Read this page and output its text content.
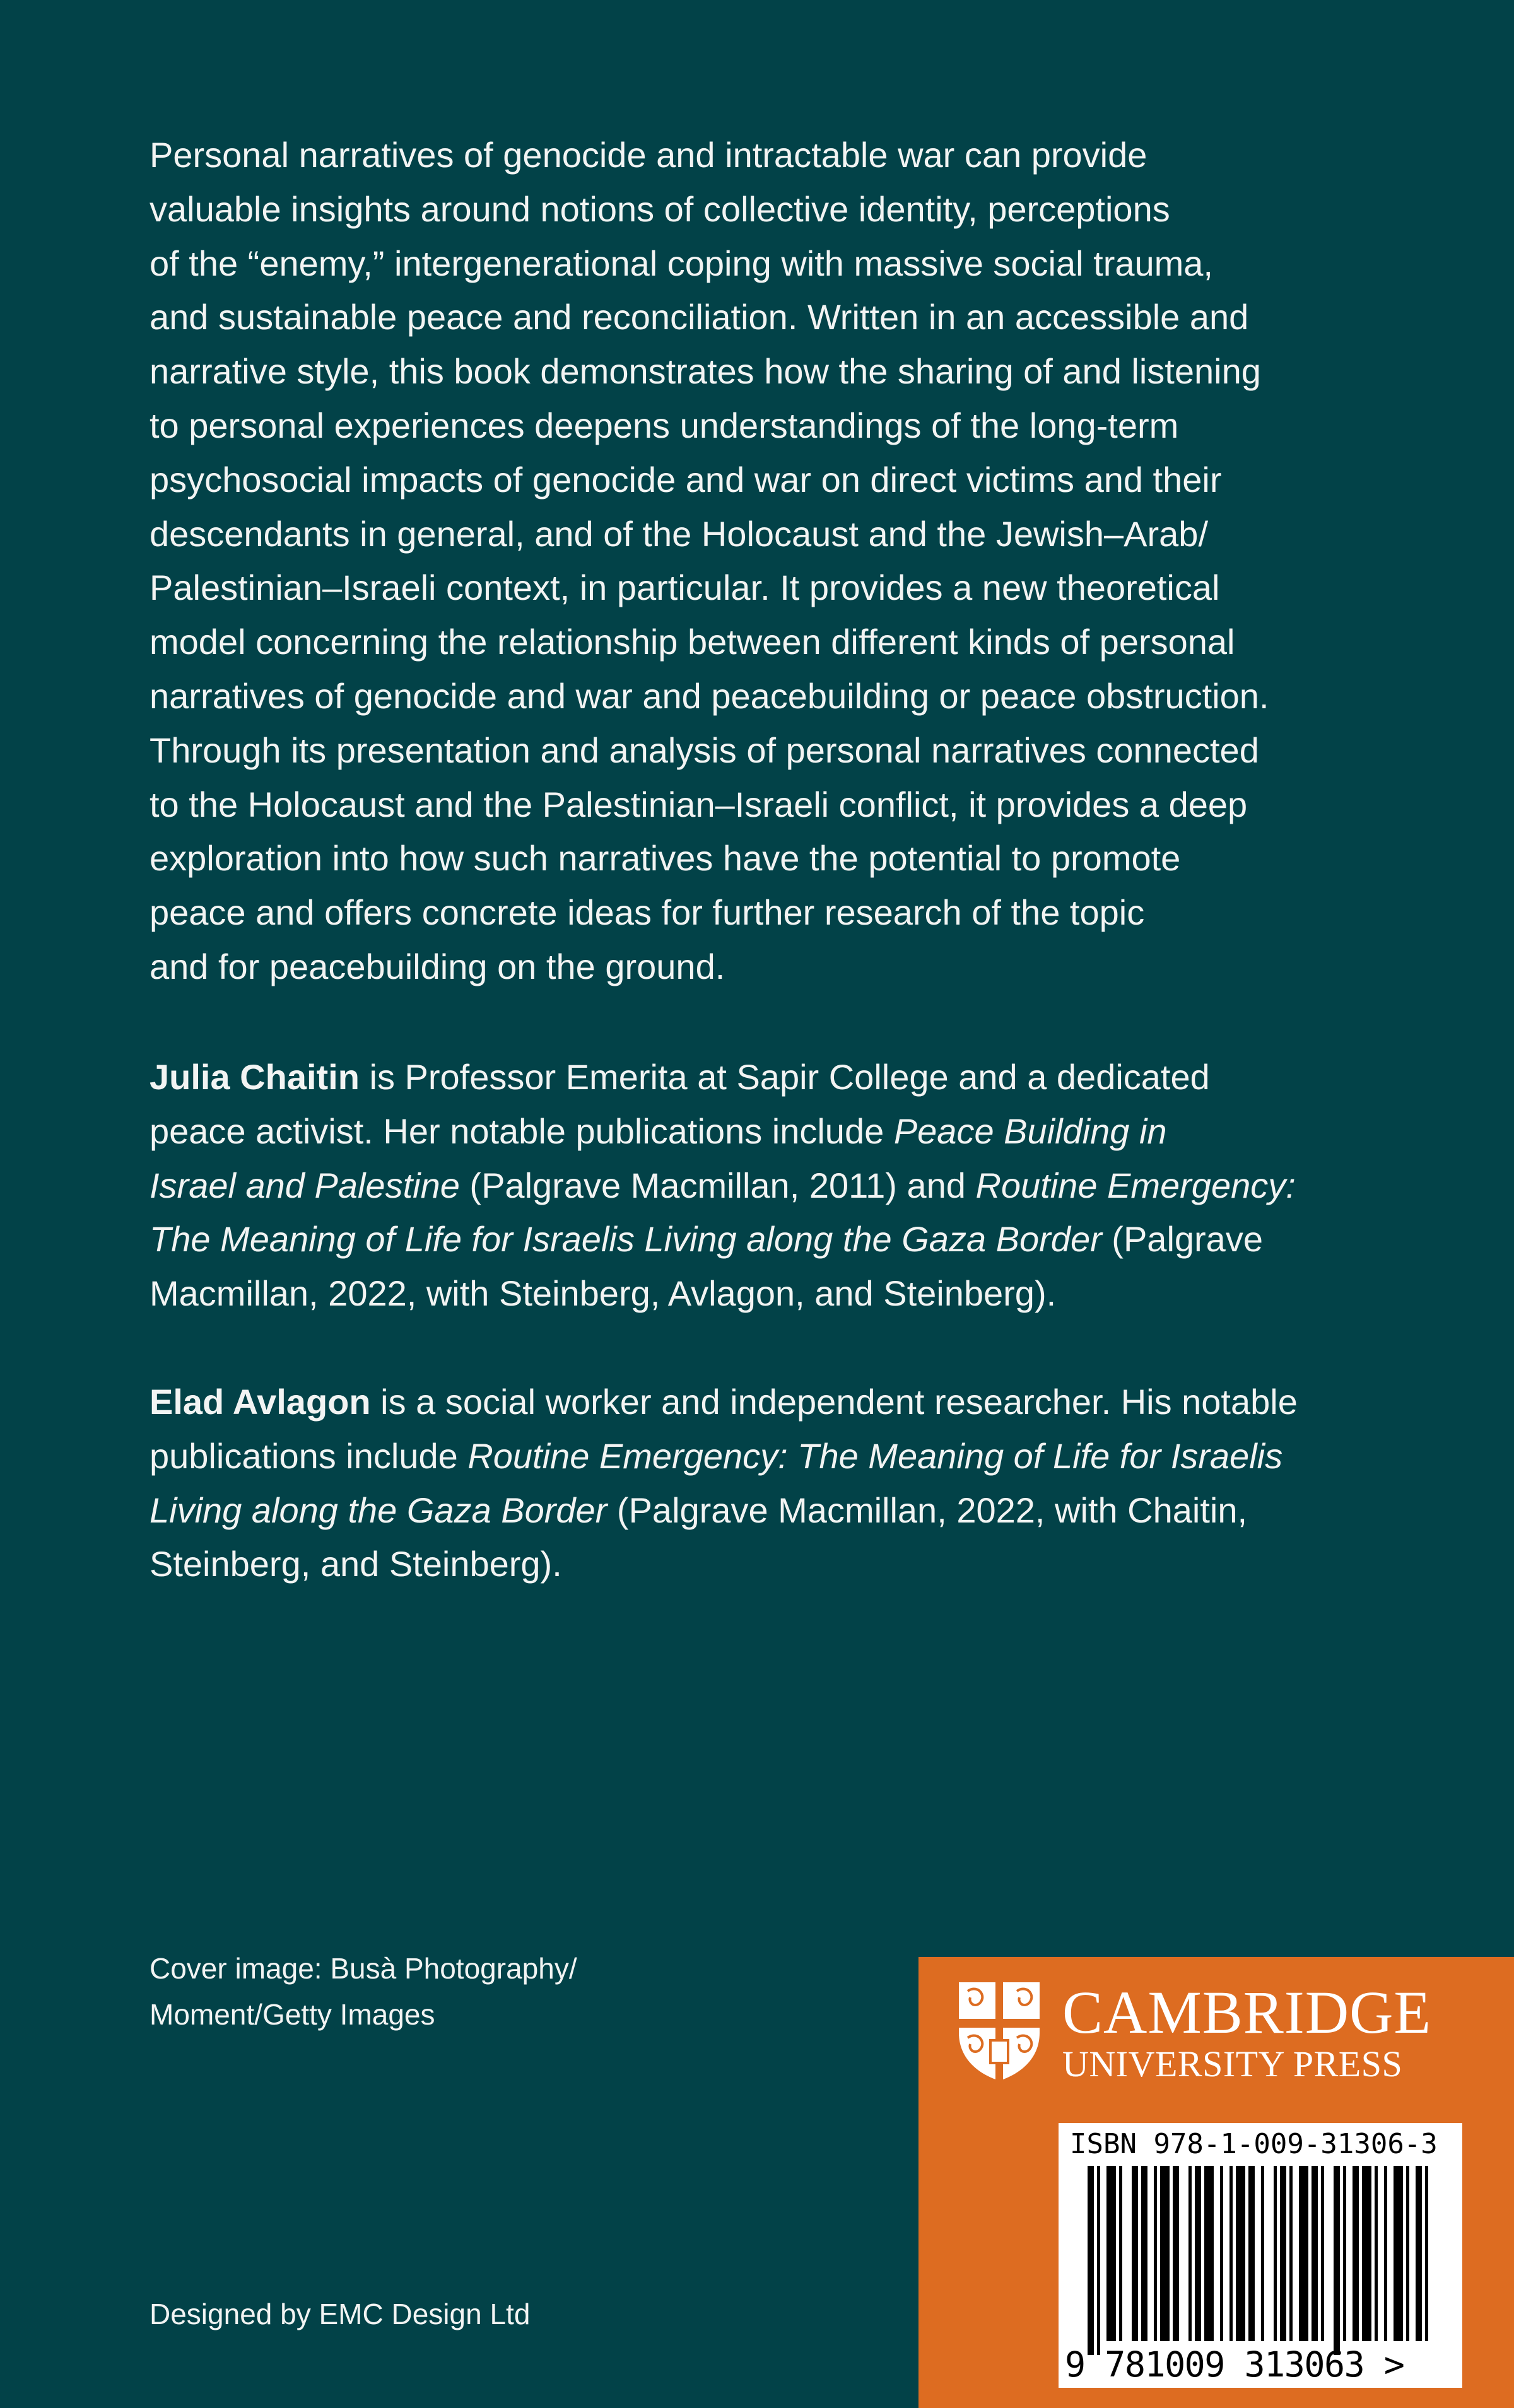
Personal narratives of genocide and intractable war can provide
valuable insights around notions of collective identity, perceptions
of the “enemy,” intergenerational coping with massive social trauma,
and sustainable peace and reconciliation. Written in an accessible and
narrative style, this book demonstrates how the sharing of and listening
to personal experiences deepens understandings of the long-term
psychosocial impacts of genocide and war on direct victims and their
descendants in general, and of the Holocaust and the Jewish–Arab/
Palestinian–Israeli context, in particular. It provides a new theoretical
model concerning the relationship between different kinds of personal
narratives of genocide and war and peacebuilding or peace obstruction.
Through its presentation and analysis of personal narratives connected
to the Holocaust and the Palestinian–Israeli conflict, it provides a deep
exploration into how such narratives have the potential to promote
peace and offers concrete ideas for further research of the topic
and for peacebuilding on the ground.
Julia Chaitin is Professor Emerita at Sapir College and a dedicated
peace activist. Her notable publications include Peace Building in
Israel and Palestine (Palgrave Macmillan, 2011) and Routine Emergency:
The Meaning of Life for Israelis Living along the Gaza Border (Palgrave
Macmillan, 2022, with Steinberg, Avlagon, and Steinberg).
Elad Avlagon is a social worker and independent researcher. His notable
publications include Routine Emergency: The Meaning of Life for Israelis
Living along the Gaza Border (Palgrave Macmillan, 2022, with Chaitin,
Steinberg, and Steinberg).
Cover image: Busà Photography/
Moment/Getty Images
Designed by EMC Design Ltd
CAMBRIDGE
UNIVERSITY PRESS
ISBN 978-1-009-31306-3
9 781009 313063 >
